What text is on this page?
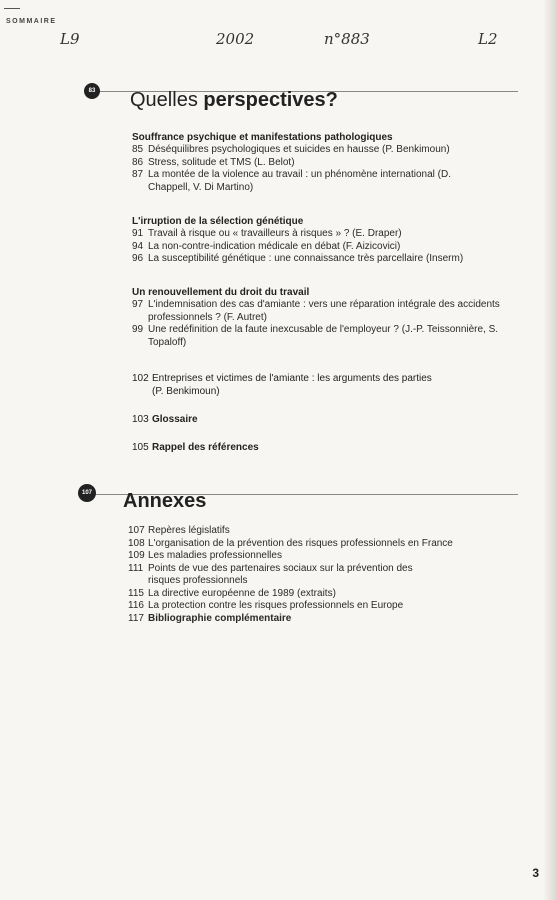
SOMMAIRE
L9	2002	n°883	L2
83 Quelles perspectives?
Souffrance psychique et manifestations pathologiques
85 Déséquilibres psychologiques et suicides en hausse (P. Benkimoun)
86 Stress, solitude et TMS (L. Belot)
87 La montée de la violence au travail : un phénomène international (D. Chappell, V. Di Martino)
L'irruption de la sélection génétique
91 Travail à risque ou « travailleurs à risques » ? (E. Draper)
94 La non-contre-indication médicale en débat (F. Aizicovici)
96 La susceptibilité génétique : une connaissance très parcellaire (Inserm)
Un renouvellement du droit du travail
97 L'indemnisation des cas d'amiante : vers une réparation intégrale des accidents professionnels ? (F. Autret)
99 Une redéfinition de la faute inexcusable de l'employeur ? (J.-P. Teissonnière, S. Topaloff)
102 Entreprises et victimes de l'amiante : les arguments des parties (P. Benkimoun)
103 Glossaire
105 Rappel des références
107 Annexes
107 Repères législatifs
108 L'organisation de la prévention des risques professionnels en France
109 Les maladies professionnelles
111 Points de vue des partenaires sociaux sur la prévention des risques professionnels
115 La directive européenne de 1989 (extraits)
116 La protection contre les risques professionnels en Europe
117 Bibliographie complémentaire
3
